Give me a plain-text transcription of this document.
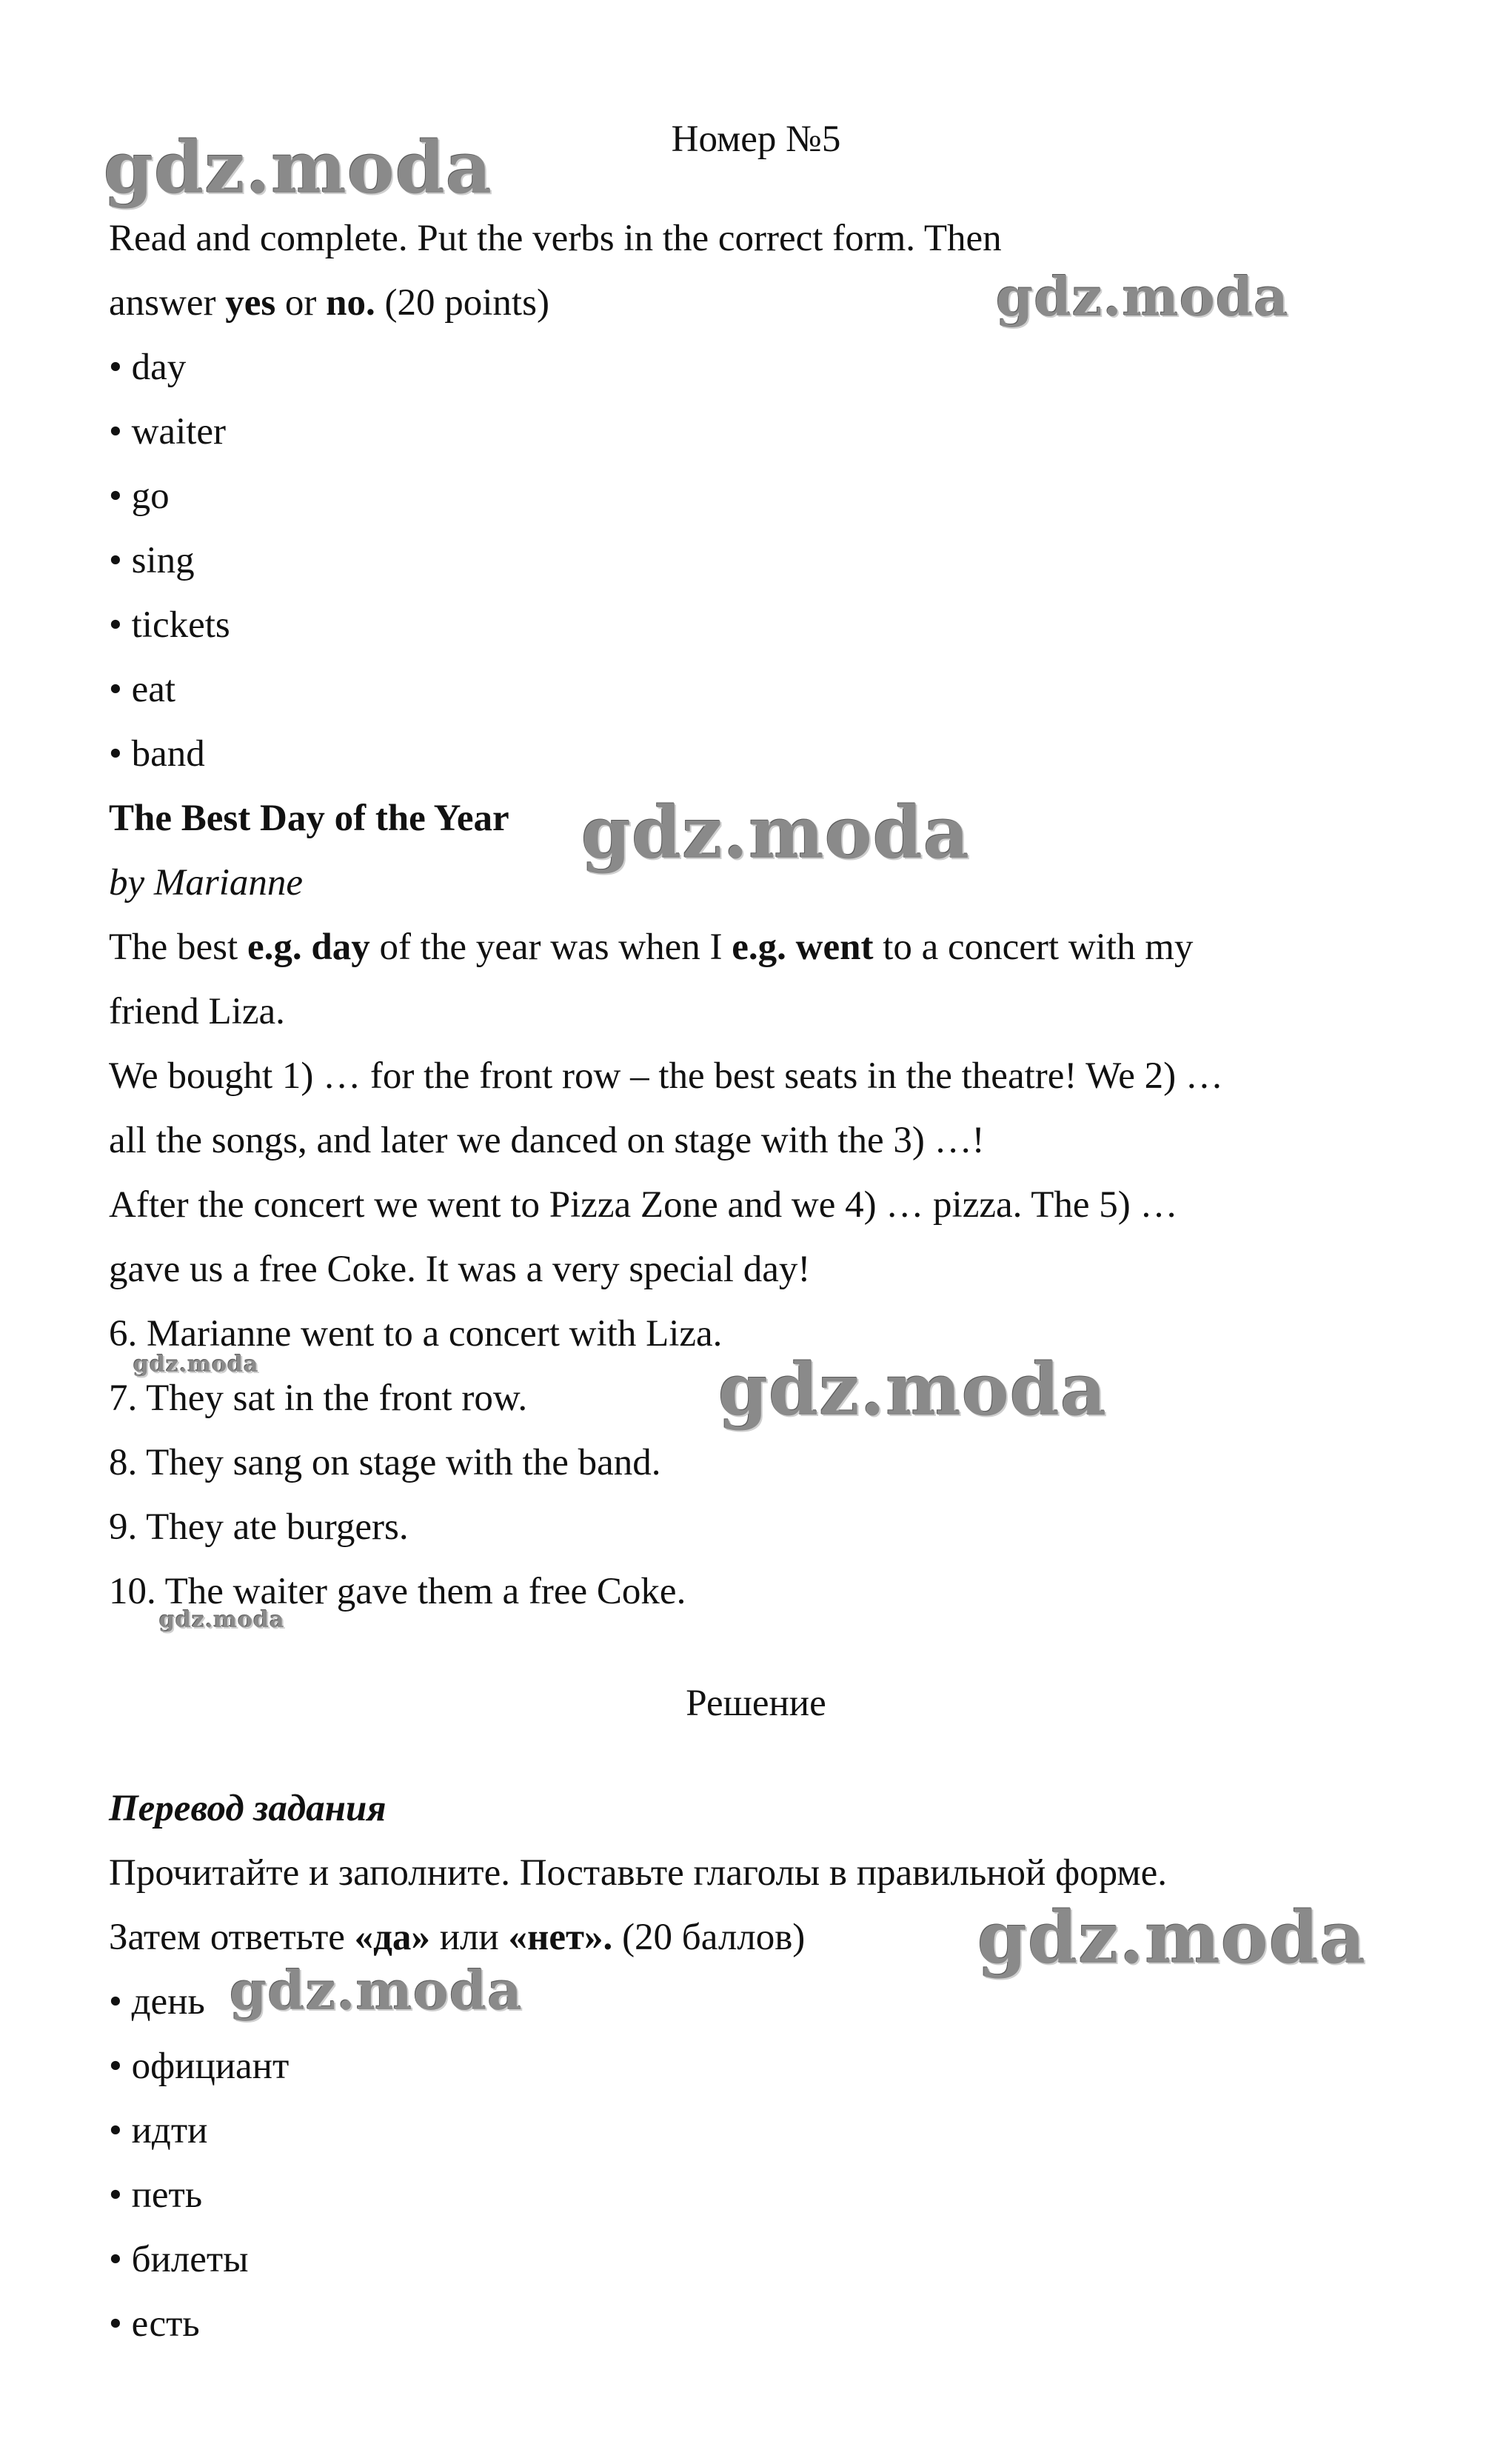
Номер №5
Read and complete. Put the verbs in the correct form. Then
answer yes or no. (20 points)
• day
• waiter
• go
• sing
• tickets
• eat
• band
The Best Day of the Year
by Marianne
The best e.g. day of the year was when I e.g. went to a concert with my
friend Liza.
We bought 1) … for the front row – the best seats in the theatre! We 2) …
all the songs, and later we danced on stage with the 3) …!
After the concert we went to Pizza Zone and we 4) … pizza. The 5) …
gave us a free Coke. It was a very special day!
6. Marianne went to a concert with Liza.
7. They sat in the front row.
8. They sang on stage with the band.
9. They ate burgers.
10. The waiter gave them a free Coke.
Решение
Перевод задания
Прочитайте и заполните. Поставьте глаголы в правильной форме.
Затем ответьте «да» или «нет». (20 баллов)
• день
• официант
• идти
• петь
• билеты
• есть
gdz.moda
gdz.moda
gdz.moda
gdz.moda	gdz.moda
gdz.moda
gdz.moda
gdz.moda
